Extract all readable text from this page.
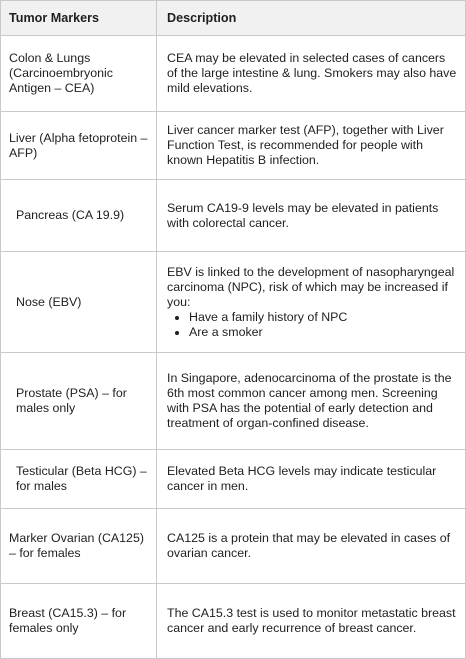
Tumor Markers	Description
Colon & Lungs (Carcinoembryonic Antigen – CEA)

CEA may be elevated in selected cases of cancers of the large intestine & lung. Smokers may also have mild elevations.

Liver (Alpha fetoprotein – AFP)

Liver cancer marker test (AFP), together with Liver Function Test, is recommended for people with known Hepatitis B infection.

Pancreas (CA 19.9)

Serum CA19-9 levels may be elevated in patients with colorectal cancer.

Nose (EBV)

EBV is linked to the development of nasopharyngeal carcinoma (NPC), risk of which may be increased if you:

• Have a family history of NPC
• Are a smoker
Prostate (PSA) – for males only

In Singapore, adenocarcinoma of the prostate is the 6th most common cancer among men. Screening with PSA has the potential of early detection and treatment of organ-confined disease.

Testicular (Beta HCG) – for males

Elevated Beta HCG levels may indicate testicular cancer in men.

Marker Ovarian (CA125) – for females

CA125 is a protein that may be elevated in cases of ovarian cancer.

Breast (CA15.3) – for females only

The CA15.3 test is used to monitor metastatic breast cancer and early recurrence of breast cancer.
